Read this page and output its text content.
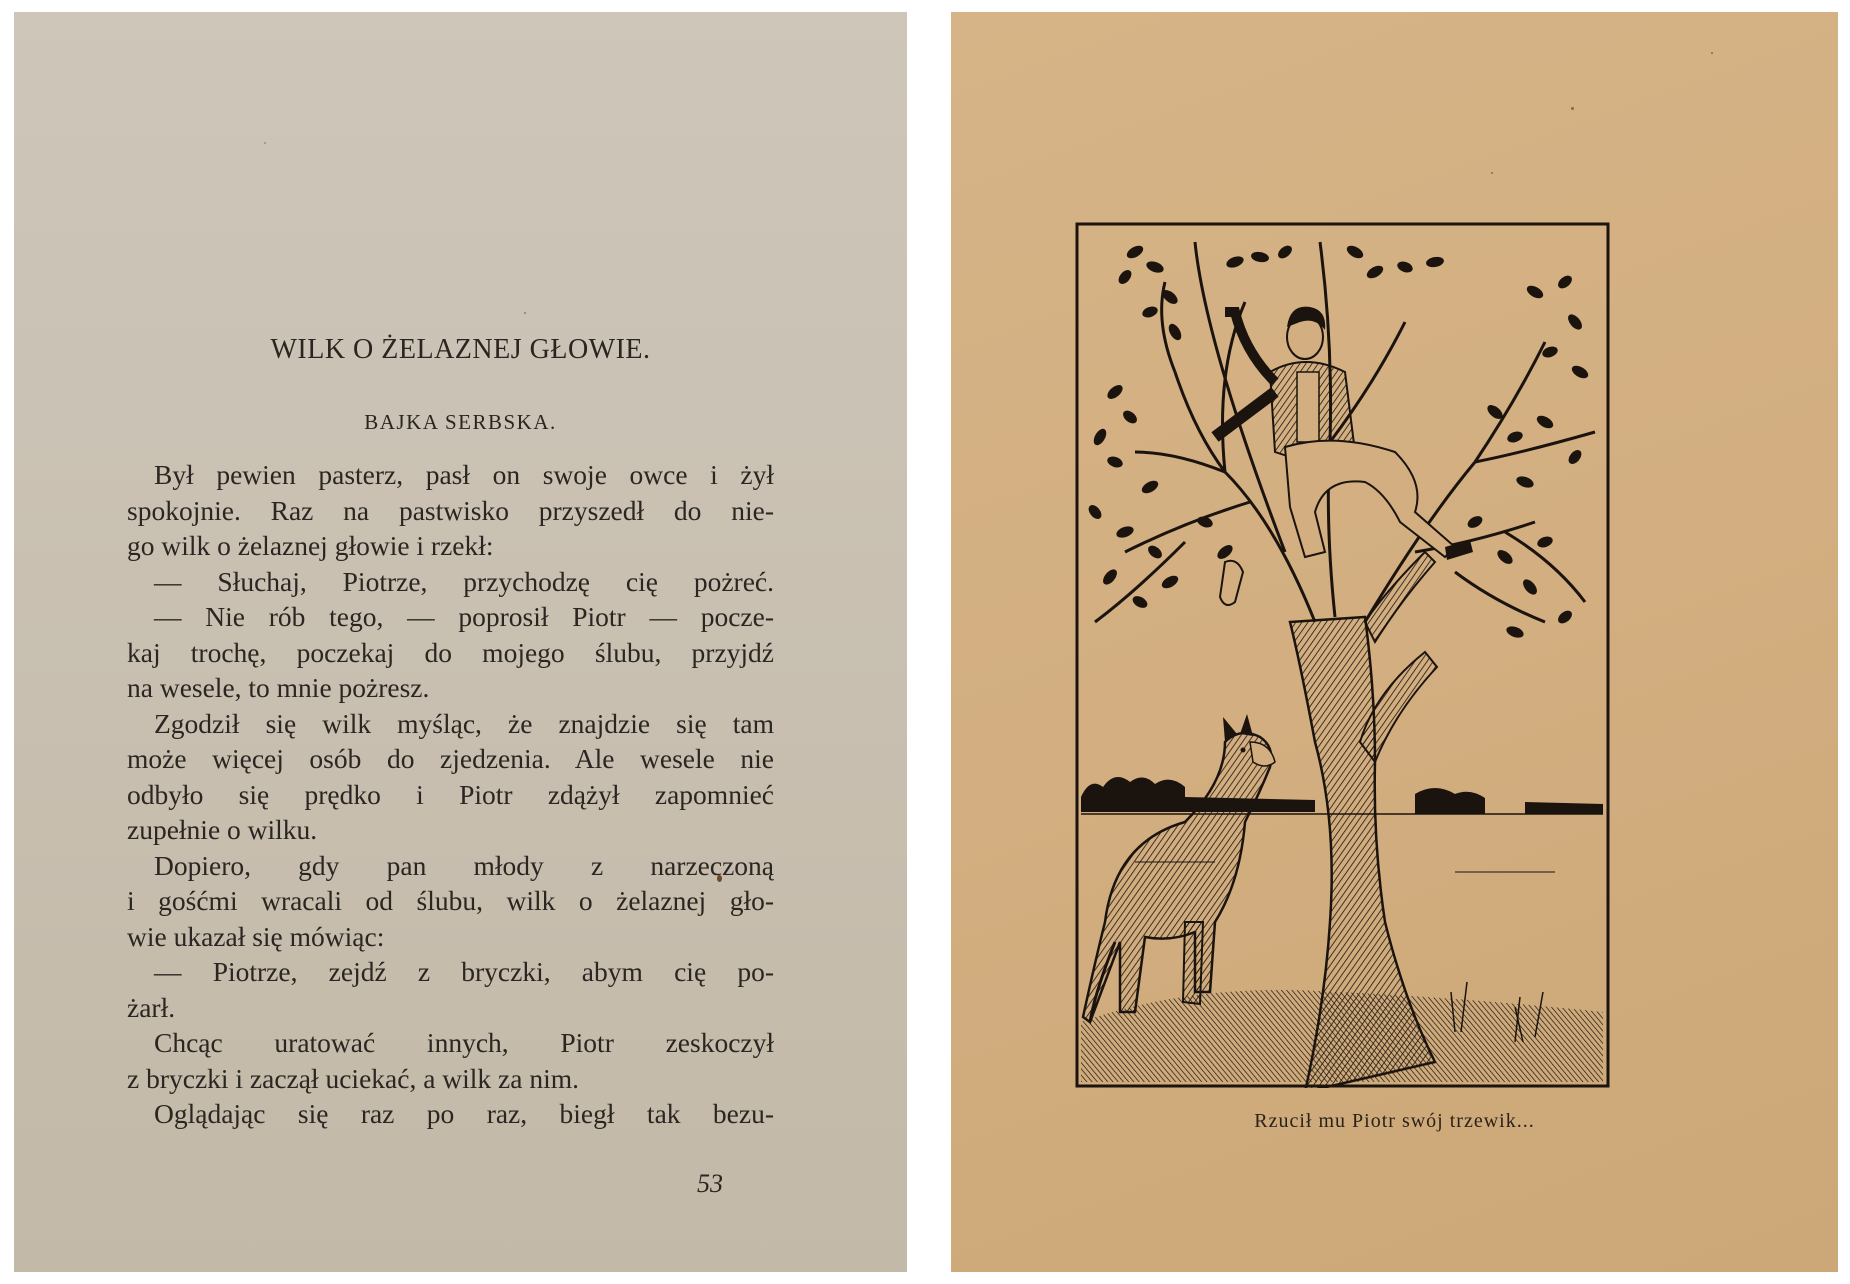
WILK O ŻELAZNEJ GŁOWIE.
BAJKA SERBSKA.
Był pewien pasterz, pasł on swoje owce i żył
spokojnie. Raz na pastwisko przyszedł do nie-
go wilk o żelaznej głowie i rzekł:
— Słuchaj, Piotrze, przychodzę cię pożreć.
— Nie rób tego, — poprosił Piotr — pocze-
kaj trochę, poczekaj do mojego ślubu, przyjdź
na wesele, to mnie pożresz.
Zgodził się wilk myśląc, że znajdzie się tam
może więcej osób do zjedzenia. Ale wesele nie
odbyło się prędko i Piotr zdążył zapomnieć
zupełnie o wilku.
Dopiero, gdy pan młody z narzeczoną
i gośćmi wracali od ślubu, wilk o żelaznej gło-
wie ukazał się mówiąc:
— Piotrze, zejdź z bryczki, abym cię po-
żarł.
Chcąc uratować innych, Piotr zeskoczył
z bryczki i zaczął uciekać, a wilk za nim.
Oglądając się raz po raz, biegł tak bezu-
53
Rzucił mu Piotr swój trzewik...
